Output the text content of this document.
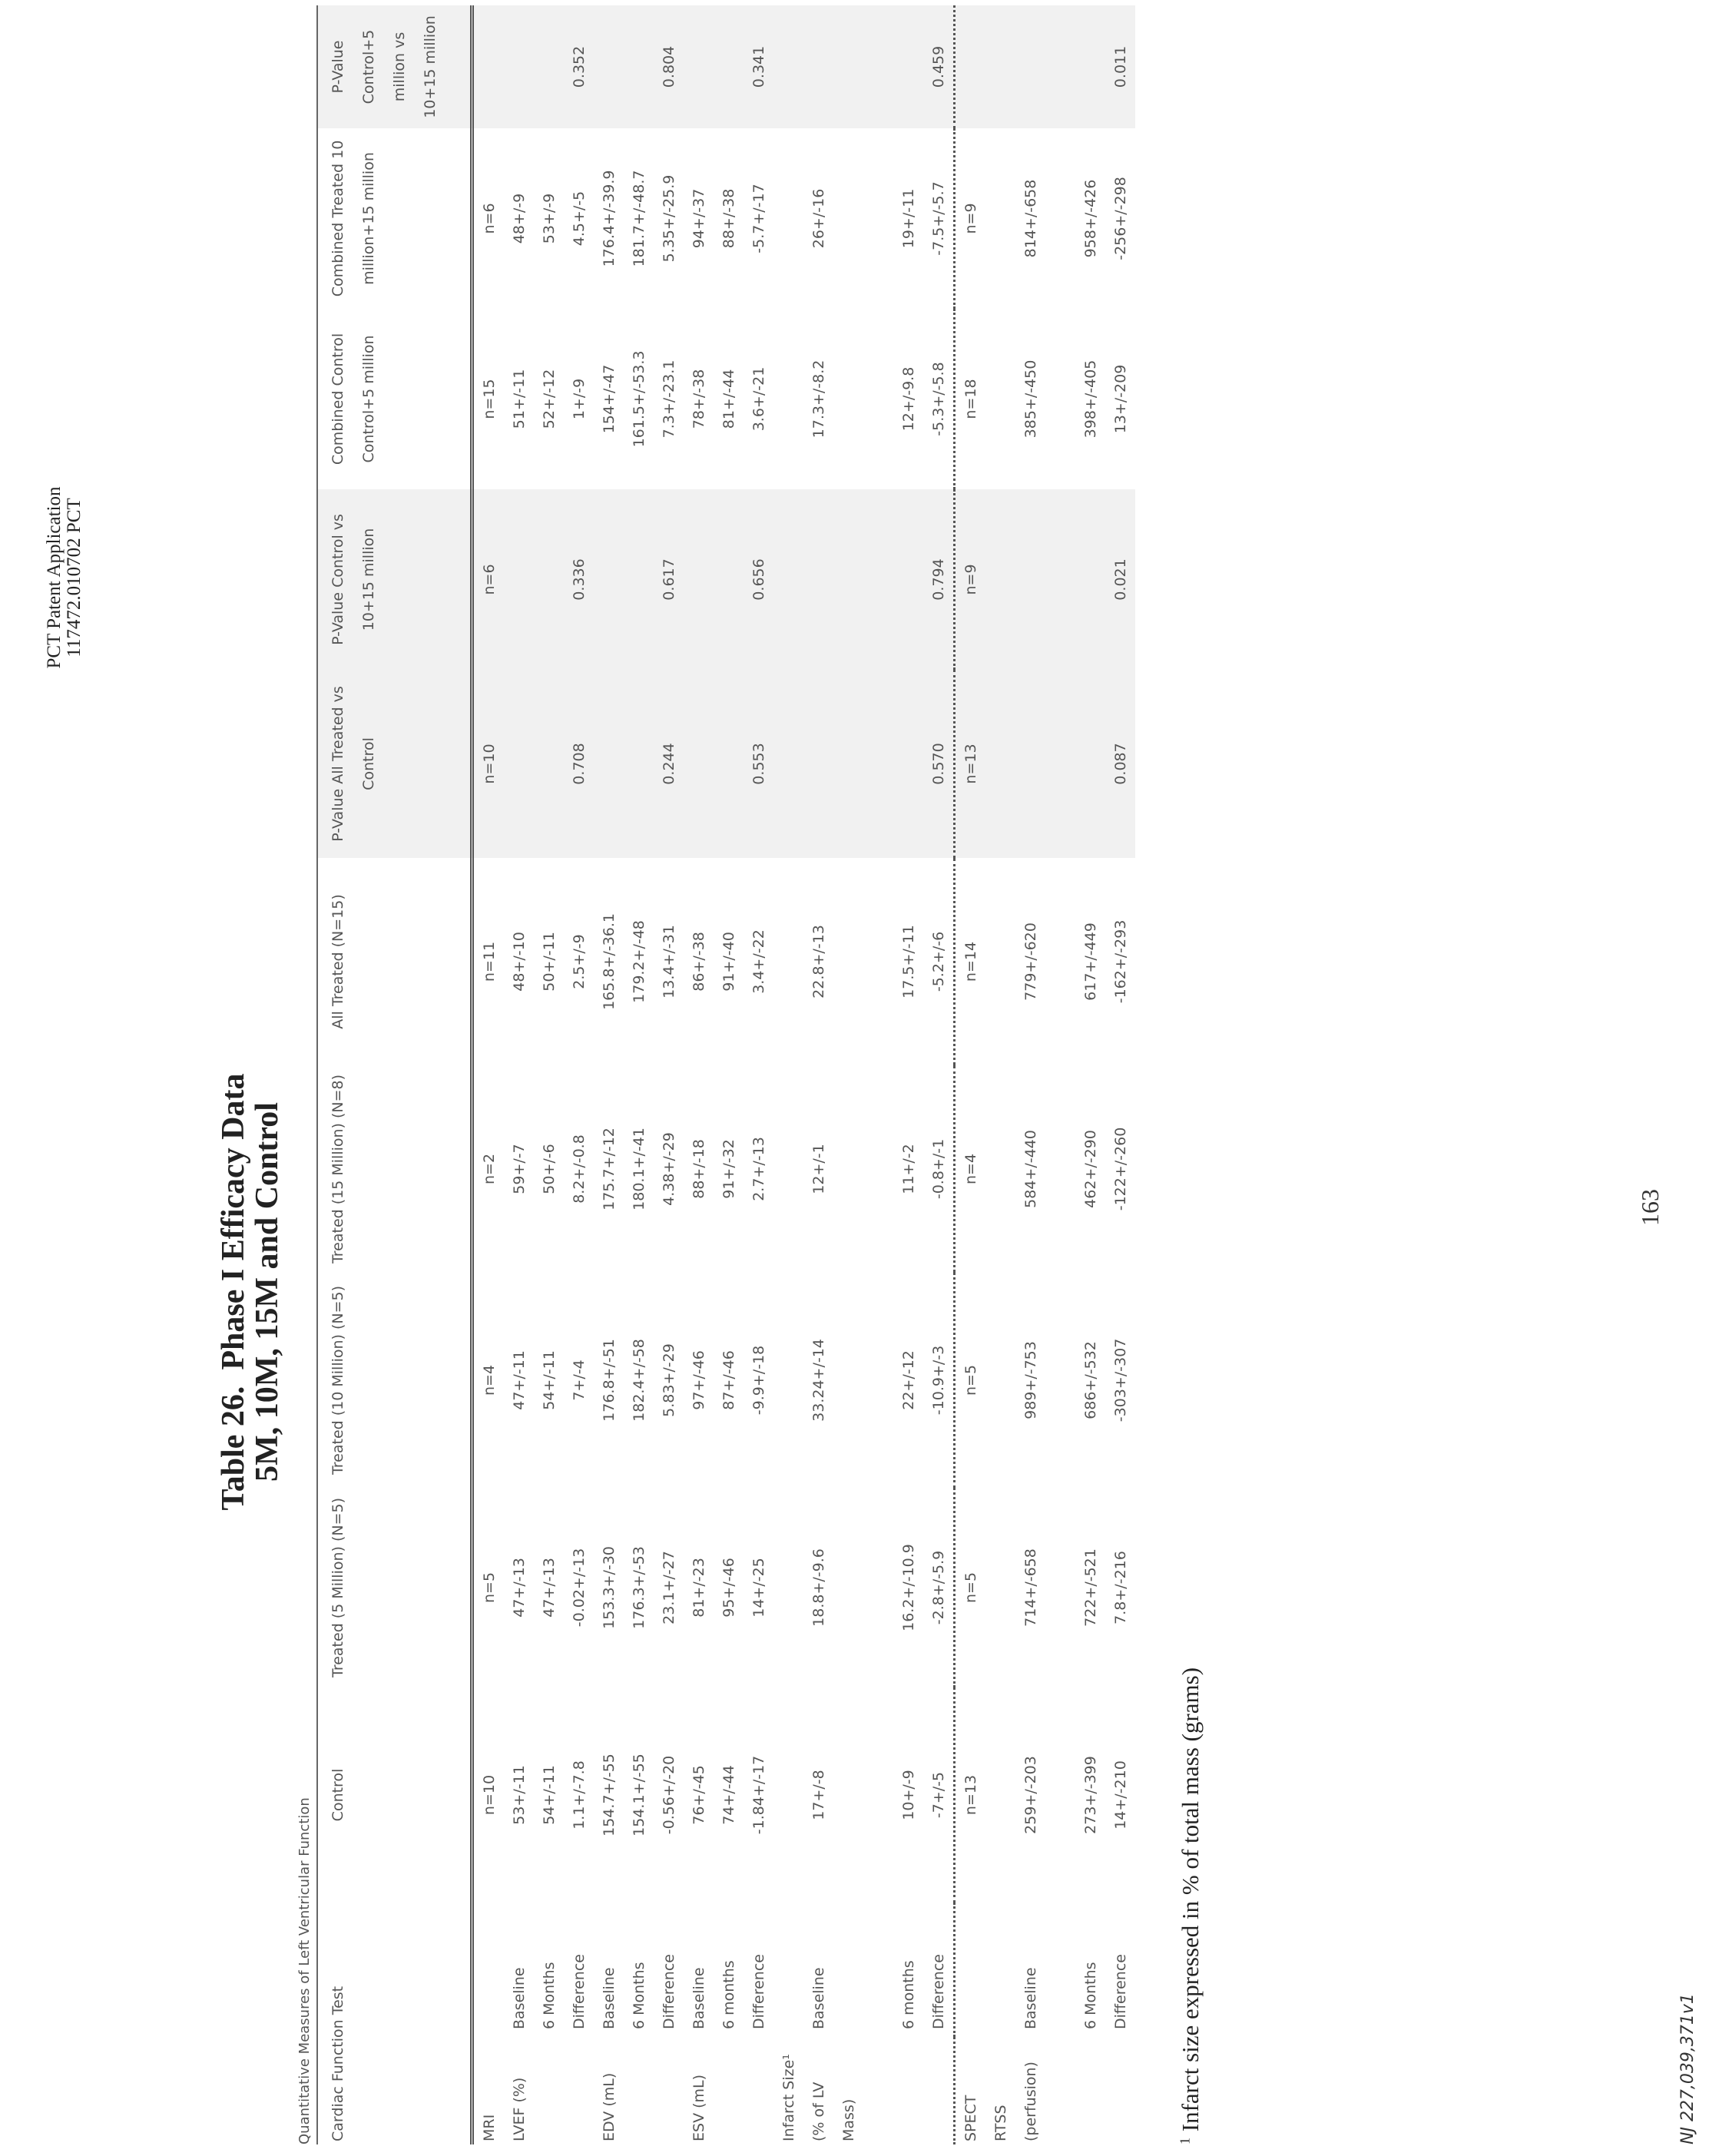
PCT Patent Application 117472.010702 PCT
Table 26.  Phase I Efficacy Data
5M, 10M, 15M and Control
Quantitative Measures of Left Ventricular Function Cardiac Function Test	Control	Treated (5 Million) (N=5)	Treated (10 Million) (N=5)	Treated (15 Million) (N=8)	All Treated (N=15)	P-Value All Treated vs Control	P-Value Control vs 10+15 million	Combined Control Control+5 million	Combined Treated 10 million+15 million	P-Value Control+5 million vs 10+15 million
MRI		n=10	n=5	n=4	n=2	n=11	n=10	n=6	n=15	n=6	
LVEF (%)	Baseline	53+/-11	47+/-13	47+/-11	59+/-7	48+/-10			51+/-11	48+/-9	
	6 Months	54+/-11	47+/-13	54+/-11	50+/-6	50+/-11			52+/-12	53+/-9	
	Difference	1.1+/-7.8	-0.02+/-13	7+/-4	8.2+/-0.8	2.5+/-9	0.708	0.336	1+/-9	4.5+/-5	0.352
EDV (mL)	Baseline	154.7+/-55	153.3+/-30	176.8+/-51	175.7+/-12	165.8+/-36.1			154+/-47	176.4+/-39.9	
	6 Months	154.1+/-55	176.3+/-53	182.4+/-58	180.1+/-41	179.2+/-48			161.5+/-53.3	181.7+/-48.7	
	Difference	-0.56+/-20	23.1+/-27	5.83+/-29	4.38+/-29	13.4+/-31	0.244	0.617	7.3+/-23.1	5.35+/-25.9	0.804
ESV (mL)	Baseline	76+/-45	81+/-23	97+/-46	88+/-18	86+/-38			78+/-38	94+/-37	
	6 months	74+/-44	95+/-46	87+/-46	91+/-32	91+/-40			81+/-44	88+/-38	
	Difference	-1.84+/-17	14+/-25	-9.9+/-18	2.7+/-13	3.4+/-22	0.553	0.656	3.6+/-21	-5.7+/-17	0.341
Infarct Size¹											(% of LV	Baseline	17+/-8	18.8+/-9.6	33.24+/-14	12+/-1	22.8+/-13			17.3+/-8.2	26+/-16	
Mass)											

	6 months	10+/-9	16.2+/-10.9	22+/-12	11+/-2	17.5+/-11			12+/-9.8	19+/-11	
	Difference	-7+/-5	-2.8+/-5.9	-10.9+/-3	-0.8+/-1	-5.2+/-6	0.570	0.794	-5.3+/-5.8	-7.5+/-5.7	0.459
SPECT		n=13	n=5	n=5	n=4	n=14	n=13	n=9	n=18	n=9	
RTSS											(perfusion)	Baseline	259+/-203	714+/-658	989+/-753	584+/-440	779+/-620			385+/-450	814+/-658	

	6 Months	273+/-399	722+/-521	686+/-532	462+/-290	617+/-449			398+/-405	958+/-426	
	Difference	14+/-210	7.8+/-216	-303+/-307	-122+/-260	-162+/-293	0.087	0.021	13+/-209	-256+/-298	0.011
1 Infarct size expressed in % of total mass (grams)
163
NJ 227,039,371v1
